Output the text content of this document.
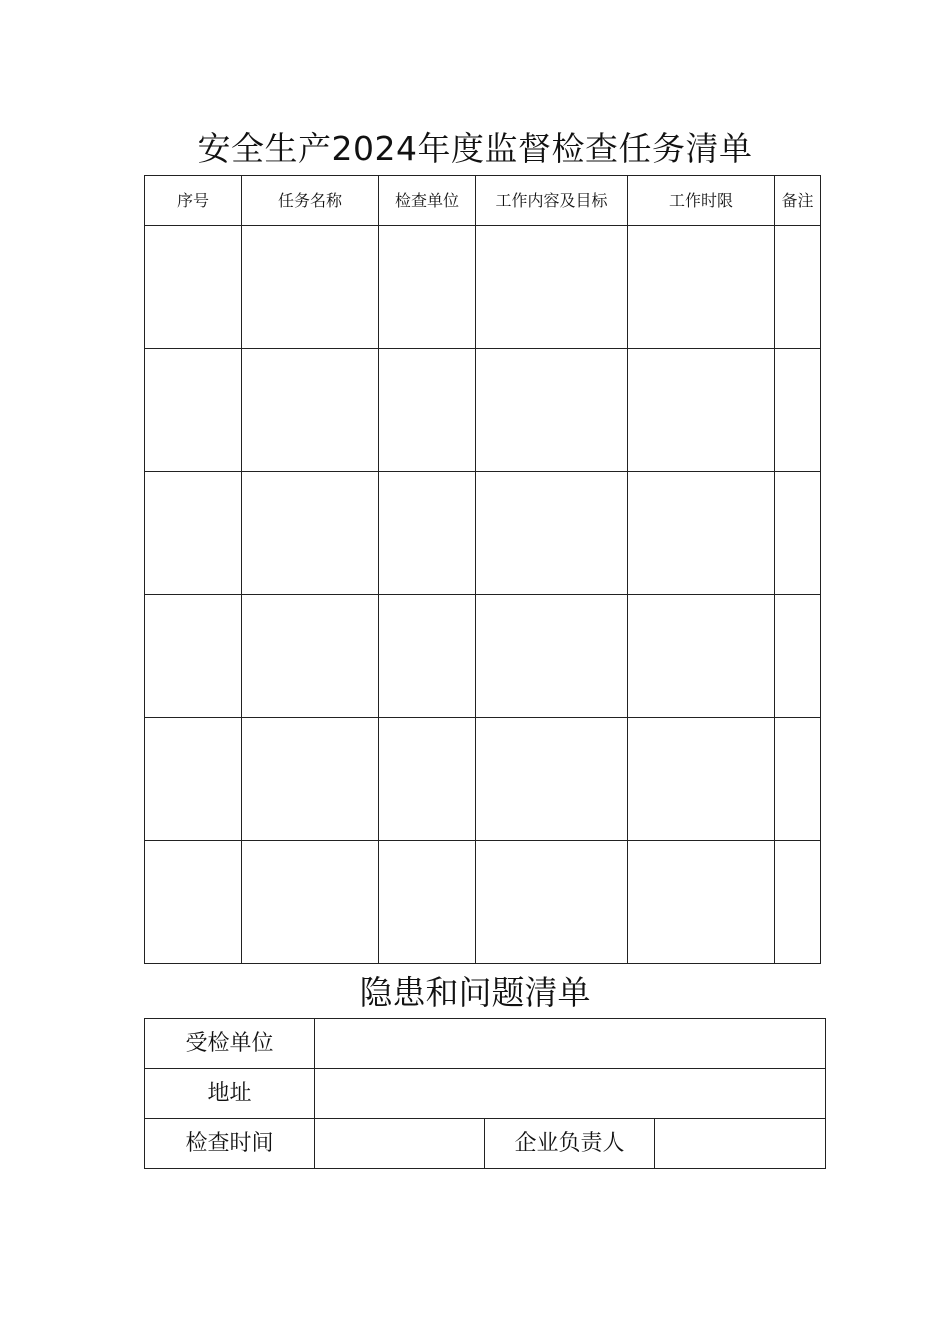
安全生产2024年度监督检查任务清单
序号	任务名称	检查单位	工作内容及目标	工作时限	备注

隐患和问题清单
受检单位			
地址			
检查时间		企业负责人	
